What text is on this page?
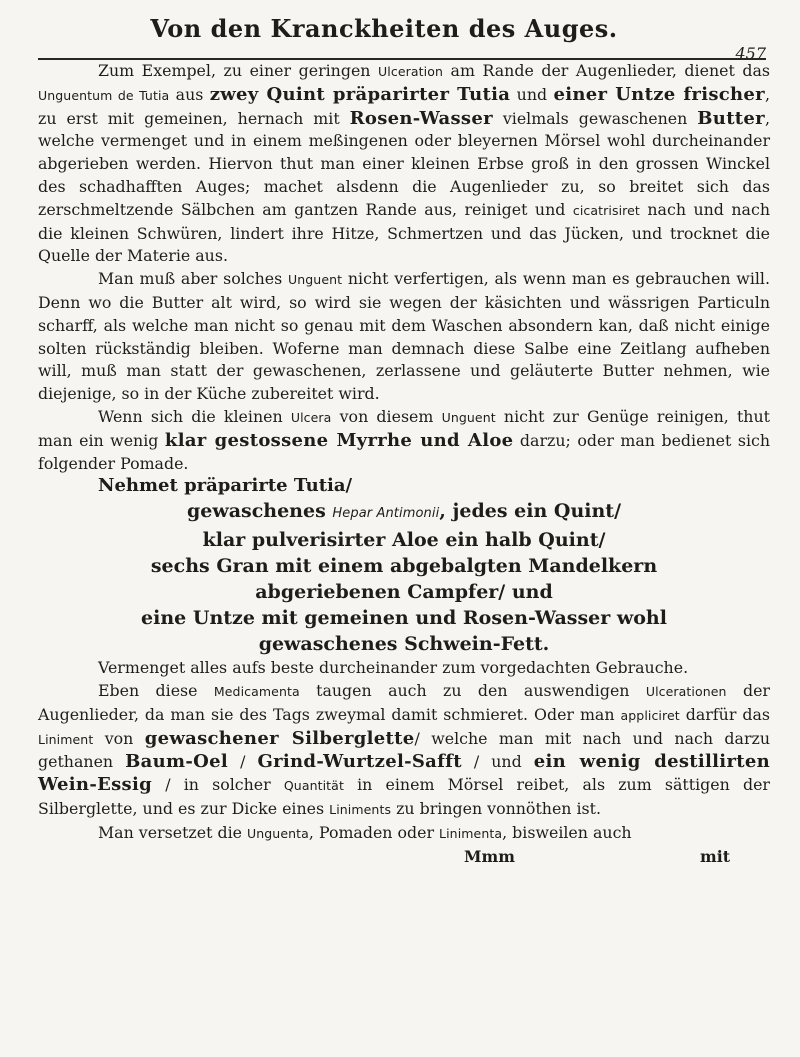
Von den Kranckheiten des Auges.
457

Zum Exempel, zu einer geringen Ulceration am Rande der Augenlieder, dienet das Unguentum de Tutia aus zwey Quint präparirter Tutia und einer Untze frischer, zu erst mit gemeinen, hernach mit Rosen-Wasser vielmals gewaschenen Butter, welche vermenget und in einem meßingenen oder bleyernen Mörsel wohl durcheinander abgerieben werden. Hiervon thut man einer kleinen Erbse groß in den grossen Winckel des schadhafften Auges; machet alsdenn die Augenlieder zu, so breitet sich das zerschmeltzende Sälbchen am gantzen Rande aus, reiniget und cicatrisiret nach und nach die kleinen Schwüren, lindert ihre Hitze, Schmertzen und das Jücken, und trocknet die Quelle der Materie aus.

Man muß aber solches Unguent nicht verfertigen, als wenn man es gebrauchen will. Denn wo die Butter alt wird, so wird sie wegen der käsichten und wässrigen Particuln scharff, als welche man nicht so genau mit dem Waschen absondern kan, daß nicht einige solten rückständig bleiben. Woferne man demnach diese Salbe eine Zeitlang aufheben will, muß man statt der gewaschenen, zerlassene und geläuterte Butter nehmen, wie diejenige, so in der Küche zubereitet wird.

Wenn sich die kleinen Ulcera von diesem Unguent nicht zur Genüge reinigen, thut man ein wenig klar gestossene Myrrhe und Aloe darzu; oder man bedienet sich folgender Pomade.

Nehmet präparirte Tutia/

gewaschenes Hepar Antimonii, jedes ein Quint/

klar pulverisirter Aloe ein halb Quint/

sechs Gran mit einem abgebalgten Mandelkern

abgeriebenen Campfer/ und

eine Untze mit gemeinen und Rosen-Wasser wohl

gewaschenes Schwein-Fett.

Vermenget alles aufs beste durcheinander zum vorgedachten Gebrauche.

Eben diese Medicamenta taugen auch zu den auswendigen Ulcerationen der Augenlieder, da man sie des Tags zweymal damit schmieret. Oder man appliciret darfür das Liniment von gewaschener Silberglette/ welche man mit nach und nach darzu gethanen Baum-Oel / Grind-Wurtzel-Safft / und ein wenig destillirten Wein-Essig / in solcher Quantität in einem Mörsel reibet, als zum sättigen der Silberglette, und es zur Dicke eines Liniments zu bringen vonnöthen ist.

Man versetzet die Unguenta, Pomaden oder Linimenta, bisweilen auch

Mmm	mit
